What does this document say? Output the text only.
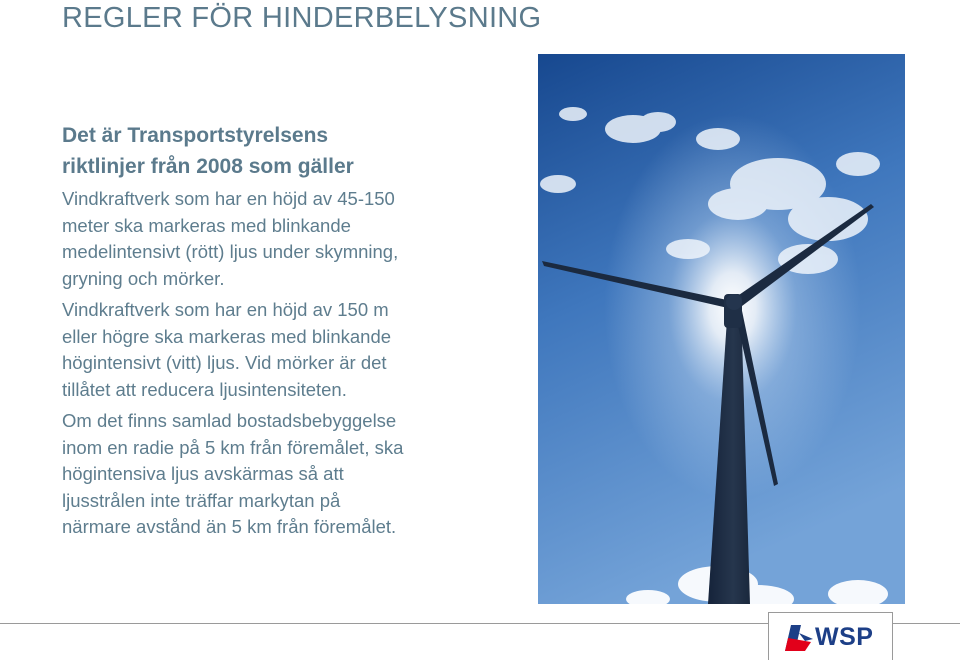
REGLER FÖR HINDERBELYSNING
Det är Transportstyrelsens
riktlinjer från 2008 som gäller
Vindkraftverk som har en höjd av 45-150
meter ska markeras med blinkande
medelintensivt (rött) ljus under skymning,
gryning och mörker.
Vindkraftverk som har en höjd av 150 m
eller högre ska markeras med blinkande
högintensivt (vitt) ljus. Vid mörker är det
tillåtet att reducera ljusintensiteten.
Om det finns samlad bostadsbebyggelse
inom en radie på 5 km från föremålet, ska
högintensiva ljus avskärmas så att
ljusstrålen inte träffar markytan på
närmare avstånd än 5 km från föremålet.
WSP
